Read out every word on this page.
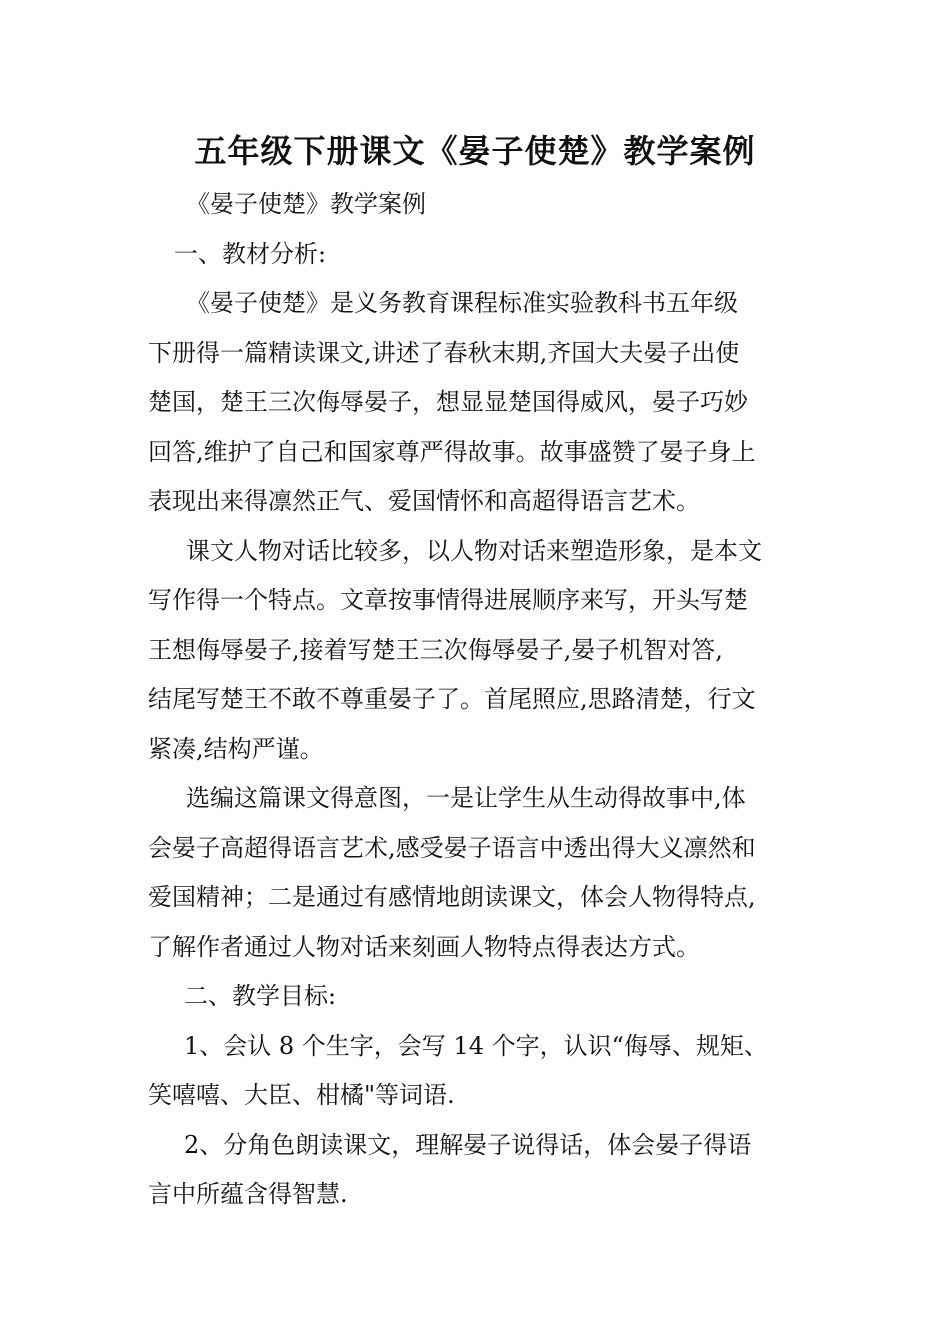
五年级下册课文《晏子使楚》教学案例
《晏子使楚》教学案例
一、教材分析:
《晏子使楚》是义务教育课程标准实验教科书五年级
下册得一篇精读课文,讲述了春秋末期,齐国大夫晏子出使
楚国，楚王三次侮辱晏子，想显显楚国得威风，晏子巧妙
回答,维护了自己和国家尊严得故事。故事盛赞了晏子身上
表现出来得凛然正气、爱国情怀和高超得语言艺术。
课文人物对话比较多，以人物对话来塑造形象，是本文
写作得一个特点。文章按事情得进展顺序来写，开头写楚
王想侮辱晏子,接着写楚王三次侮辱晏子,晏子机智对答,
结尾写楚王不敢不尊重晏子了。首尾照应,思路清楚，行文
紧凑,结构严谨。
选编这篇课文得意图，一是让学生从生动得故事中,体
会晏子高超得语言艺术,感受晏子语言中透出得大义凛然和
爱国精神；二是通过有感情地朗读课文，体会人物得特点,
了解作者通过人物对话来刻画人物特点得表达方式。
二、教学目标:
1、会认 8 个生字，会写 14 个字，认识“侮辱、规矩、
笑嘻嘻、大臣、柑橘"等词语.
2、分角色朗读课文，理解晏子说得话，体会晏子得语
言中所蕴含得智慧.
